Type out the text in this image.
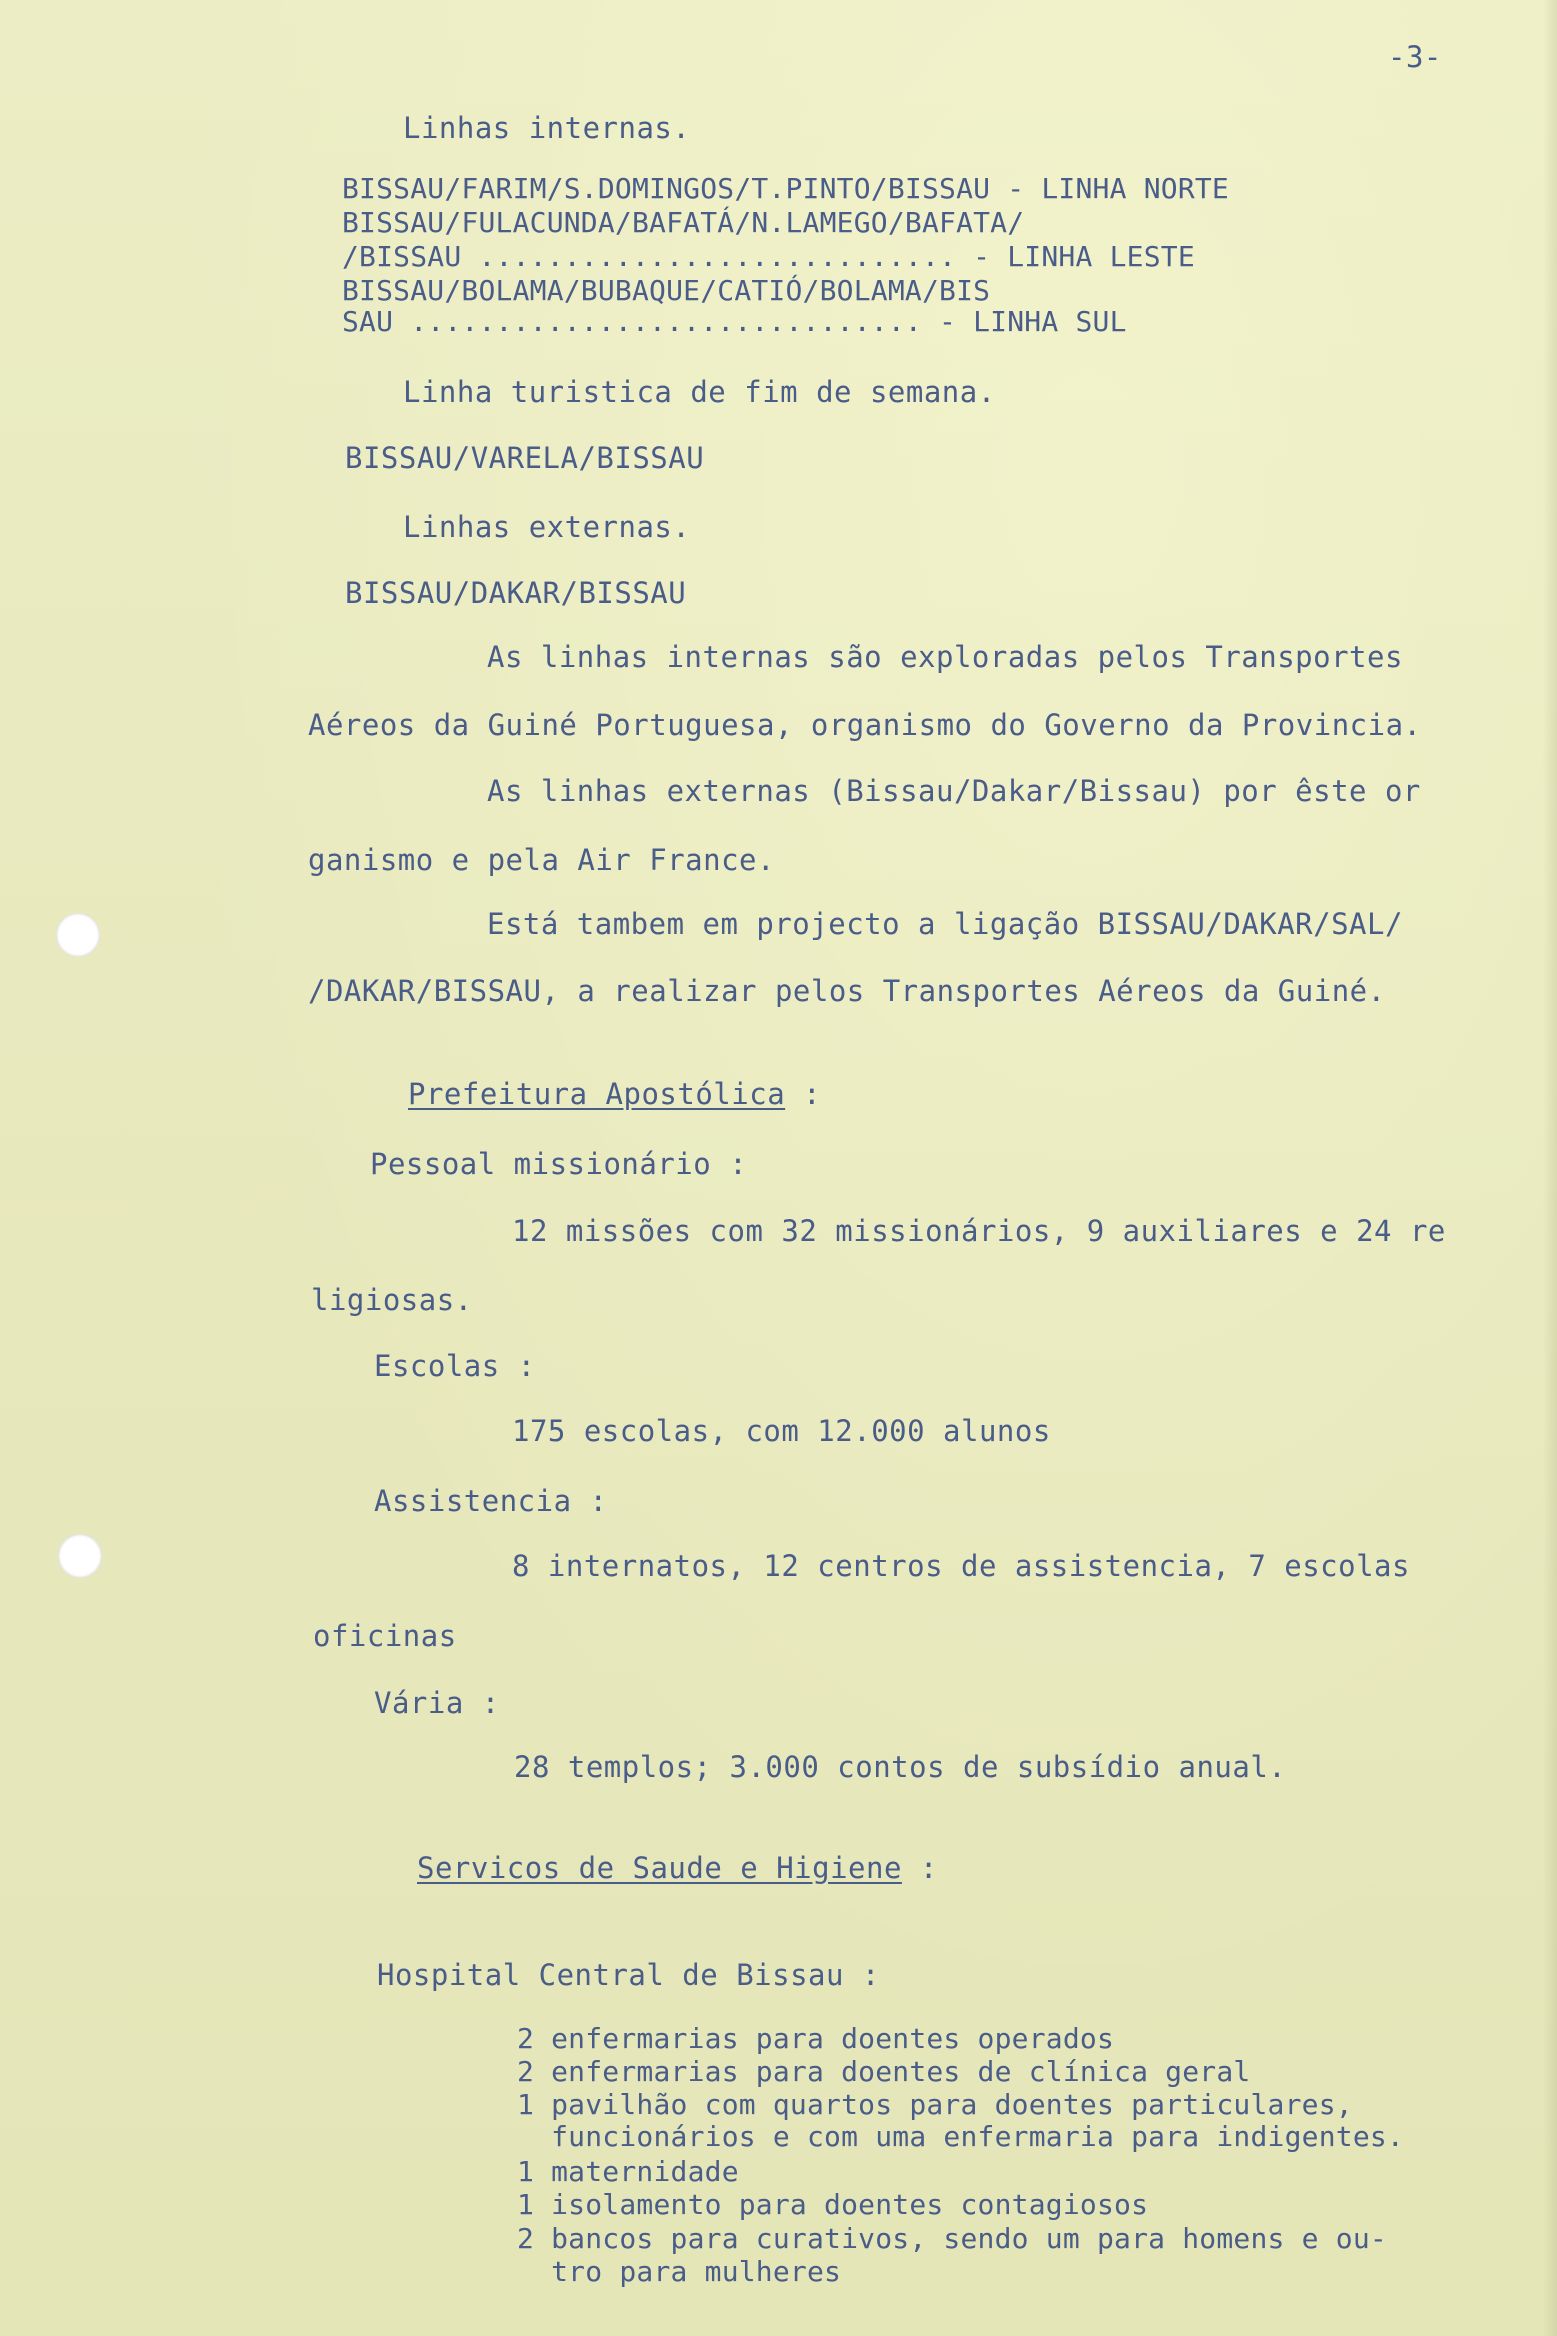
-3-
Linhas internas.
BISSAU/FARIM/S.DOMINGOS/T.PINTO/BISSAU - LINHA NORTE
BISSAU/FULACUNDA/BAFATÁ/N.LAMEGO/BAFATA/
/BISSAU ............................ - LINHA LESTE
BISSAU/BOLAMA/BUBAQUE/CATIÓ/BOLAMA/BIS
SAU .............................. - LINHA SUL
Linha turistica de fim de semana.
BISSAU/VARELA/BISSAU
Linhas externas.
BISSAU/DAKAR/BISSAU
As linhas internas são exploradas pelos Transportes
Aéreos da Guiné Portuguesa, organismo do Governo da Provincia.
As linhas externas (Bissau/Dakar/Bissau) por êste or
ganismo e pela Air France.
Está tambem em projecto a ligação BISSAU/DAKAR/SAL/
/DAKAR/BISSAU, a realizar pelos Transportes Aéreos da Guiné.
Prefeitura Apostólica :
Pessoal missionário :
12 missões com 32 missionários, 9 auxiliares e 24 re
ligiosas.
Escolas :
175 escolas, com 12.000 alunos
Assistencia :
8 internatos, 12 centros de assistencia, 7 escolas
oficinas
Vária :
28 templos; 3.000 contos de subsídio anual.
Servicos de Saude e Higiene :
Hospital Central de Bissau :
2 enfermarias para doentes operados
2 enfermarias para doentes de clínica geral
1 pavilhão com quartos para doentes particulares,
funcionários e com uma enfermaria para indigentes.
1 maternidade
1 isolamento para doentes contagiosos
2 bancos para curativos, sendo um para homens e ou-
tro para mulheres
